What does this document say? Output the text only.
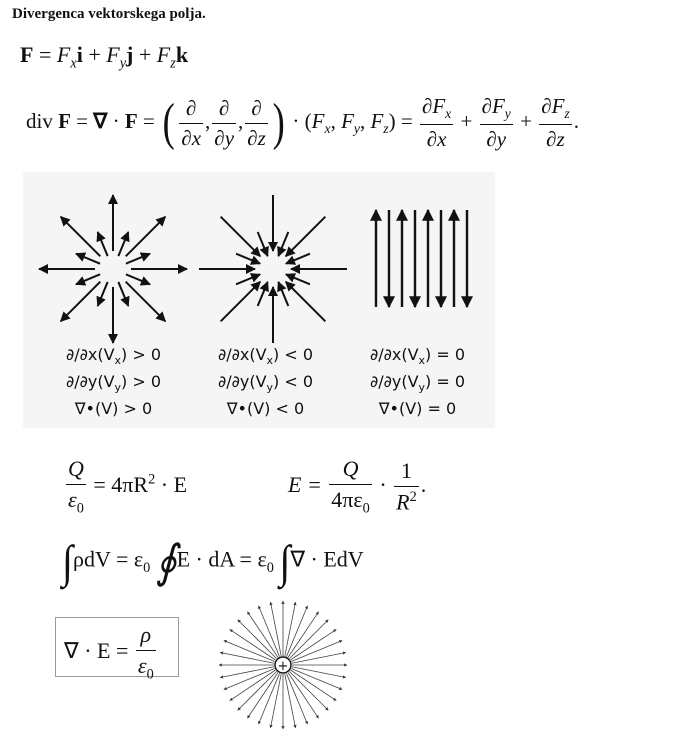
Divergenca vektorskega polja.
$F = F_xi + F_yj + F_zk$
div F = ∇ · F = ( $\frac{\partial}{\partial x}$ , $\frac{\partial}{\partial y}$ , $\frac{\partial}{\partial z}$ ) · ($F_x$, $F_y$, $F_z) = \frac{\partial F_x}{\partial x} + \frac{\partial F_y}{\partial y} + \frac{\partial F_z}{\partial z}$ .
$\partial/\partial x(V_x) > 0$
$\partial/\partial y(V_y) > 0$
∇•(V) > 0
$\partial/\partial x(V_x) < 0$
$\partial/\partial y(V_y) < 0$
∇•(V) < 0
$\partial/\partial x(V_x) = 0$
$\partial/\partial y(V_y) = 0$
∇•(V) = 0
$\frac{Q}{\varepsilon_0} = 4\pi R^2 \cdot E$	$E = \frac{Q}{4\pi\varepsilon_0} \cdot \frac{1}{R^2}$ .
$\int\rho dV = \varepsilon_0$ ∮E · dA = $\varepsilon_0$ ∫∇ · EdV
∇ · $E = \frac{\rho}{\varepsilon_0}$	+
